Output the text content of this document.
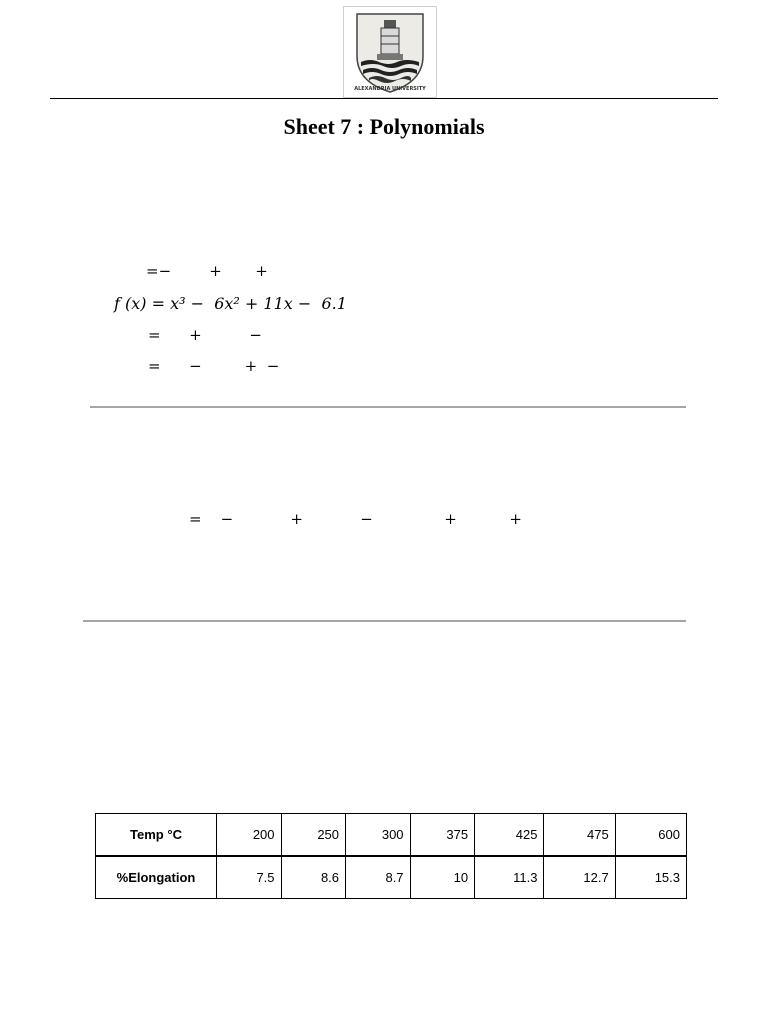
ALEXANDRIA UNIVERSITY
Sheet 7 : Polynomials
=−        +       +
f (x) = x³ −  6x² + 11x −  6.1
=      +          −
=      −         +  −
=    −            +            −               +           +
Temp °C	200	250	300	375	425	475	600
%Elongation	7.5	8.6	8.7	10	11.3	12.7	15.3
